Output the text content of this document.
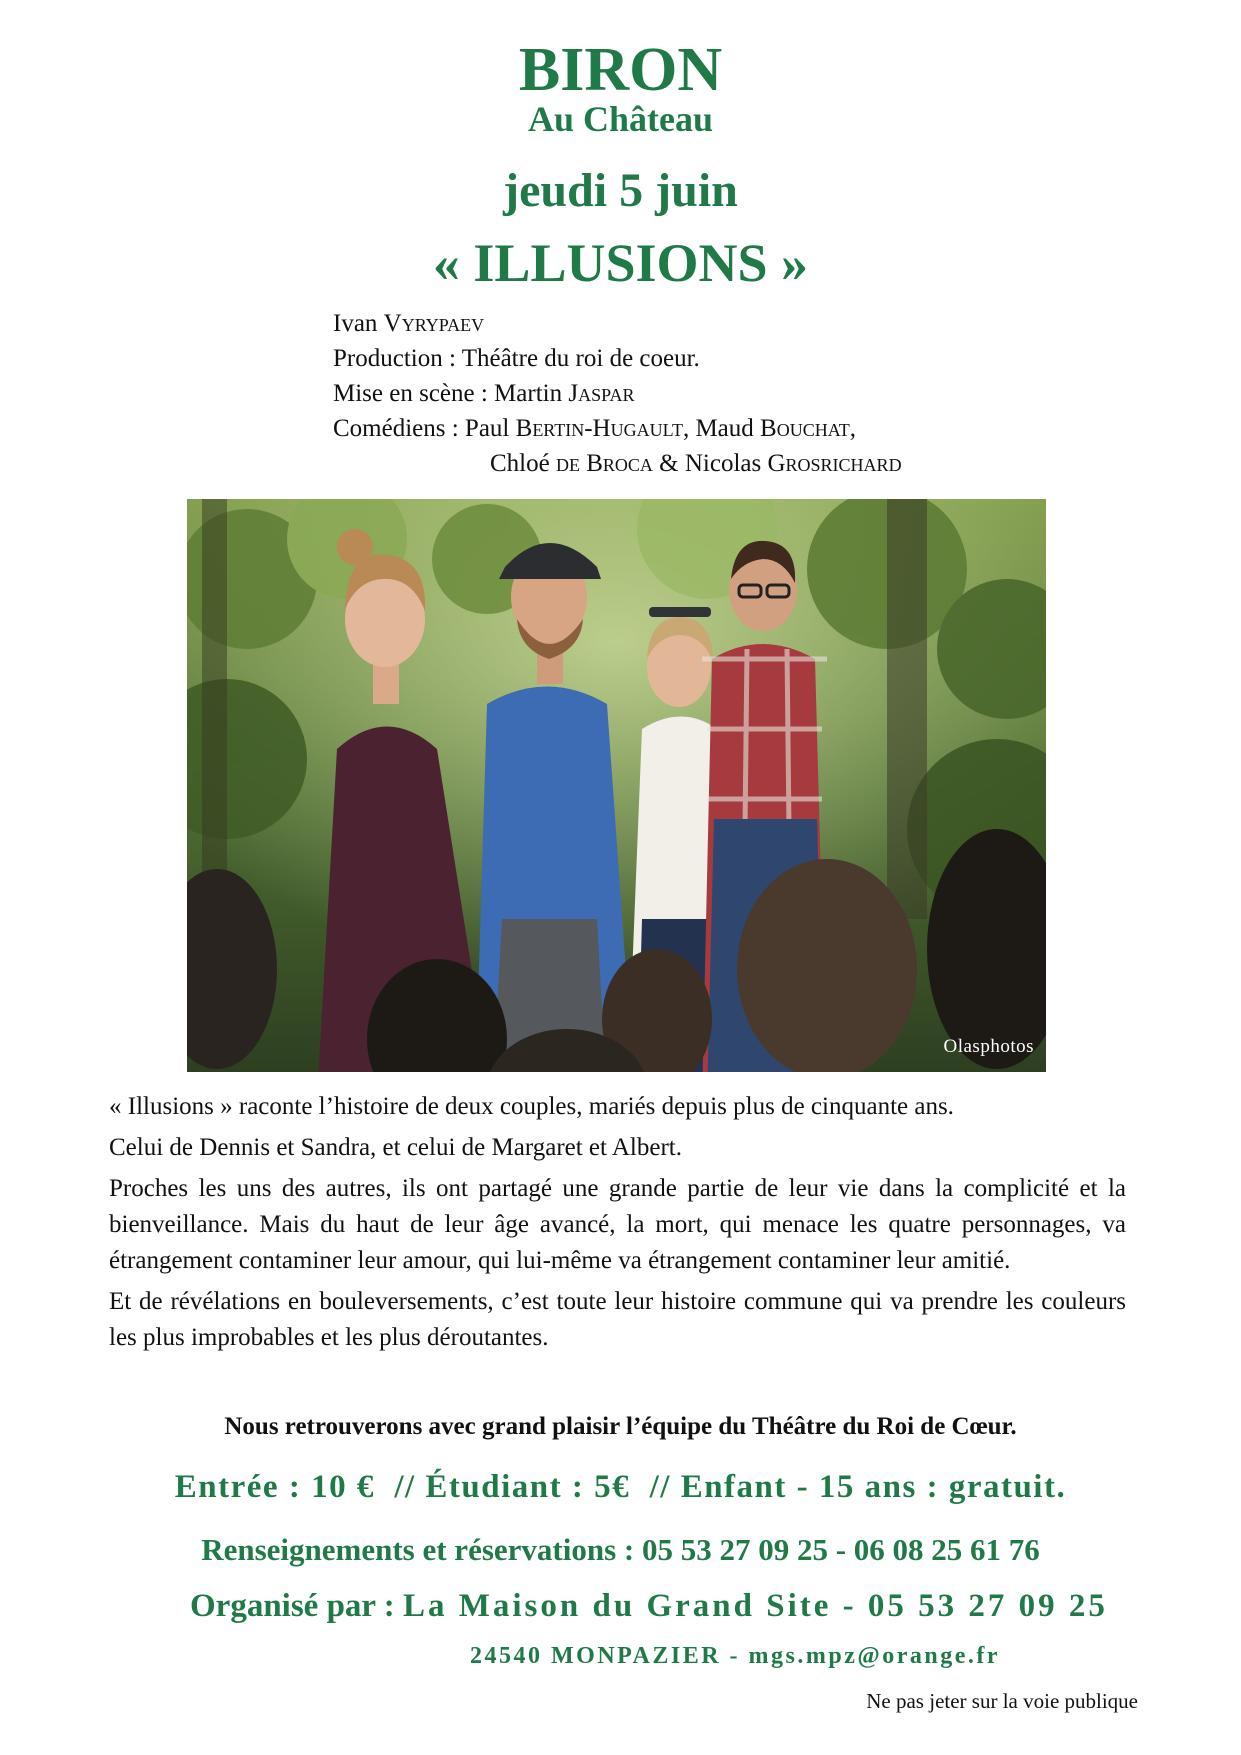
BIRON
Au Château
jeudi 5 juin
« ILLUSIONS »
Ivan Vyrypaev
Production : Théâtre du roi de coeur.
Mise en scène : Martin Jaspar
Comédiens : Paul Bertin-Hugault, Maud Bouchat,
Chloé de Broca & Nicolas Grosrichard
Olasphotos

« Illusions » raconte l’histoire de deux couples, mariés depuis plus de cinquante ans.

Celui de Dennis et Sandra, et celui de Margaret et Albert.

Proches les uns des autres, ils ont partagé une grande partie de leur vie dans la complicité et la bienveillance. Mais du haut de leur âge avancé, la mort, qui menace les quatre personnages, va étrangement contaminer leur amour, qui lui-même va étrangement contaminer leur amitié.

Et de révélations en bouleversements, c’est toute leur histoire commune qui va prendre les couleurs les plus improbables et les plus déroutantes.

Nous retrouverons avec grand plaisir l’équipe du Théâtre du Roi de Cœur.
Entrée : 10 €  // Étudiant : 5€  // Enfant - 15 ans : gratuit.
Renseignements et réservations : 05 53 27 09 25 - 06 08 25 61 76
Organisé par : La Maison du Grand Site - 05 53 27 09 25
24540 MONPAZIER - mgs.mpz@orange.fr
Ne pas jeter sur la voie publique
